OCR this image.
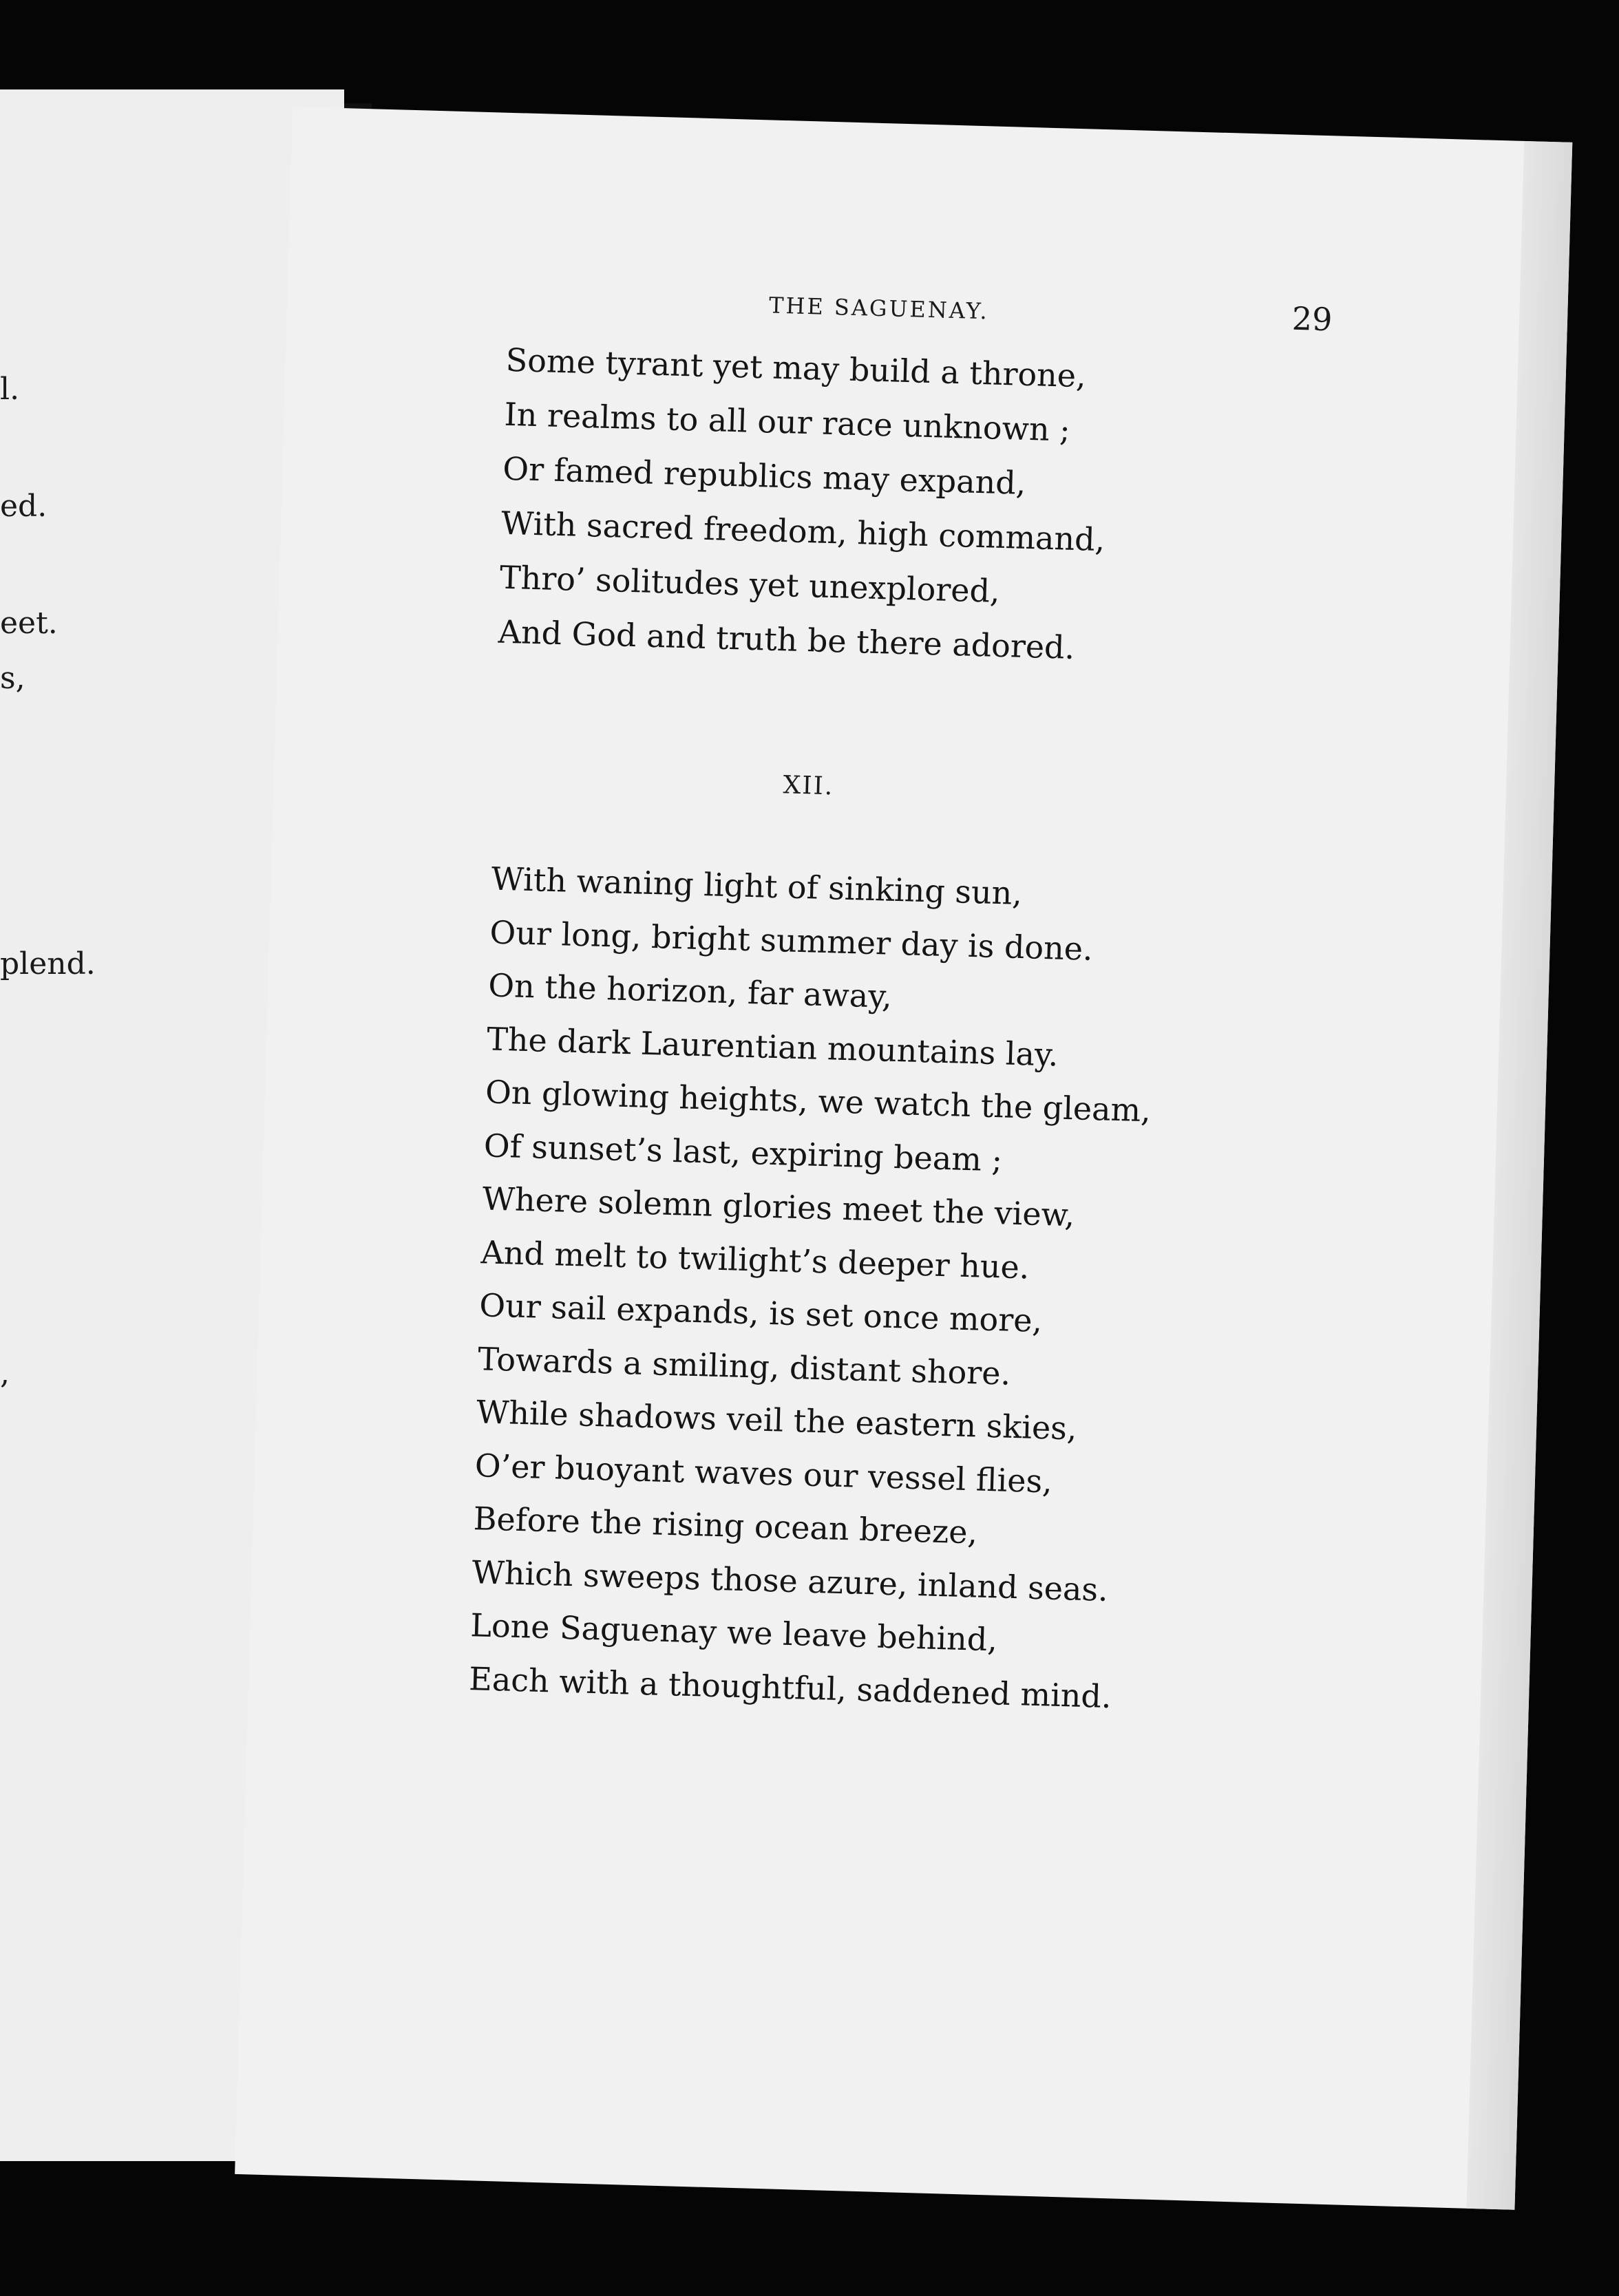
l.
ed.
eet.
s,
plend.
,
THE SAGUENAY.	29
Some tyrant yet may build a throne,
In realms to all our race unknown ;
Or famed republics may expand,
With sacred freedom, high command,
Thro’ solitudes yet unexplored,
And God and truth be there adored.
XII.
With waning light of sinking sun,
Our long, bright summer day is done.
On the horizon, far away,
The dark Laurentian mountains lay.
On glowing heights, we watch the gleam,
Of sunset’s last, expiring beam ;
Where solemn glories meet the view,
And melt to twilight’s deeper hue.
Our sail expands, is set once more,
Towards a smiling, distant shore.
While shadows veil the eastern skies,
O’er buoyant waves our vessel flies,
Before the rising ocean breeze,
Which sweeps those azure, inland seas.
Lone Saguenay we leave behind,
Each with a thoughtful, saddened mind.
